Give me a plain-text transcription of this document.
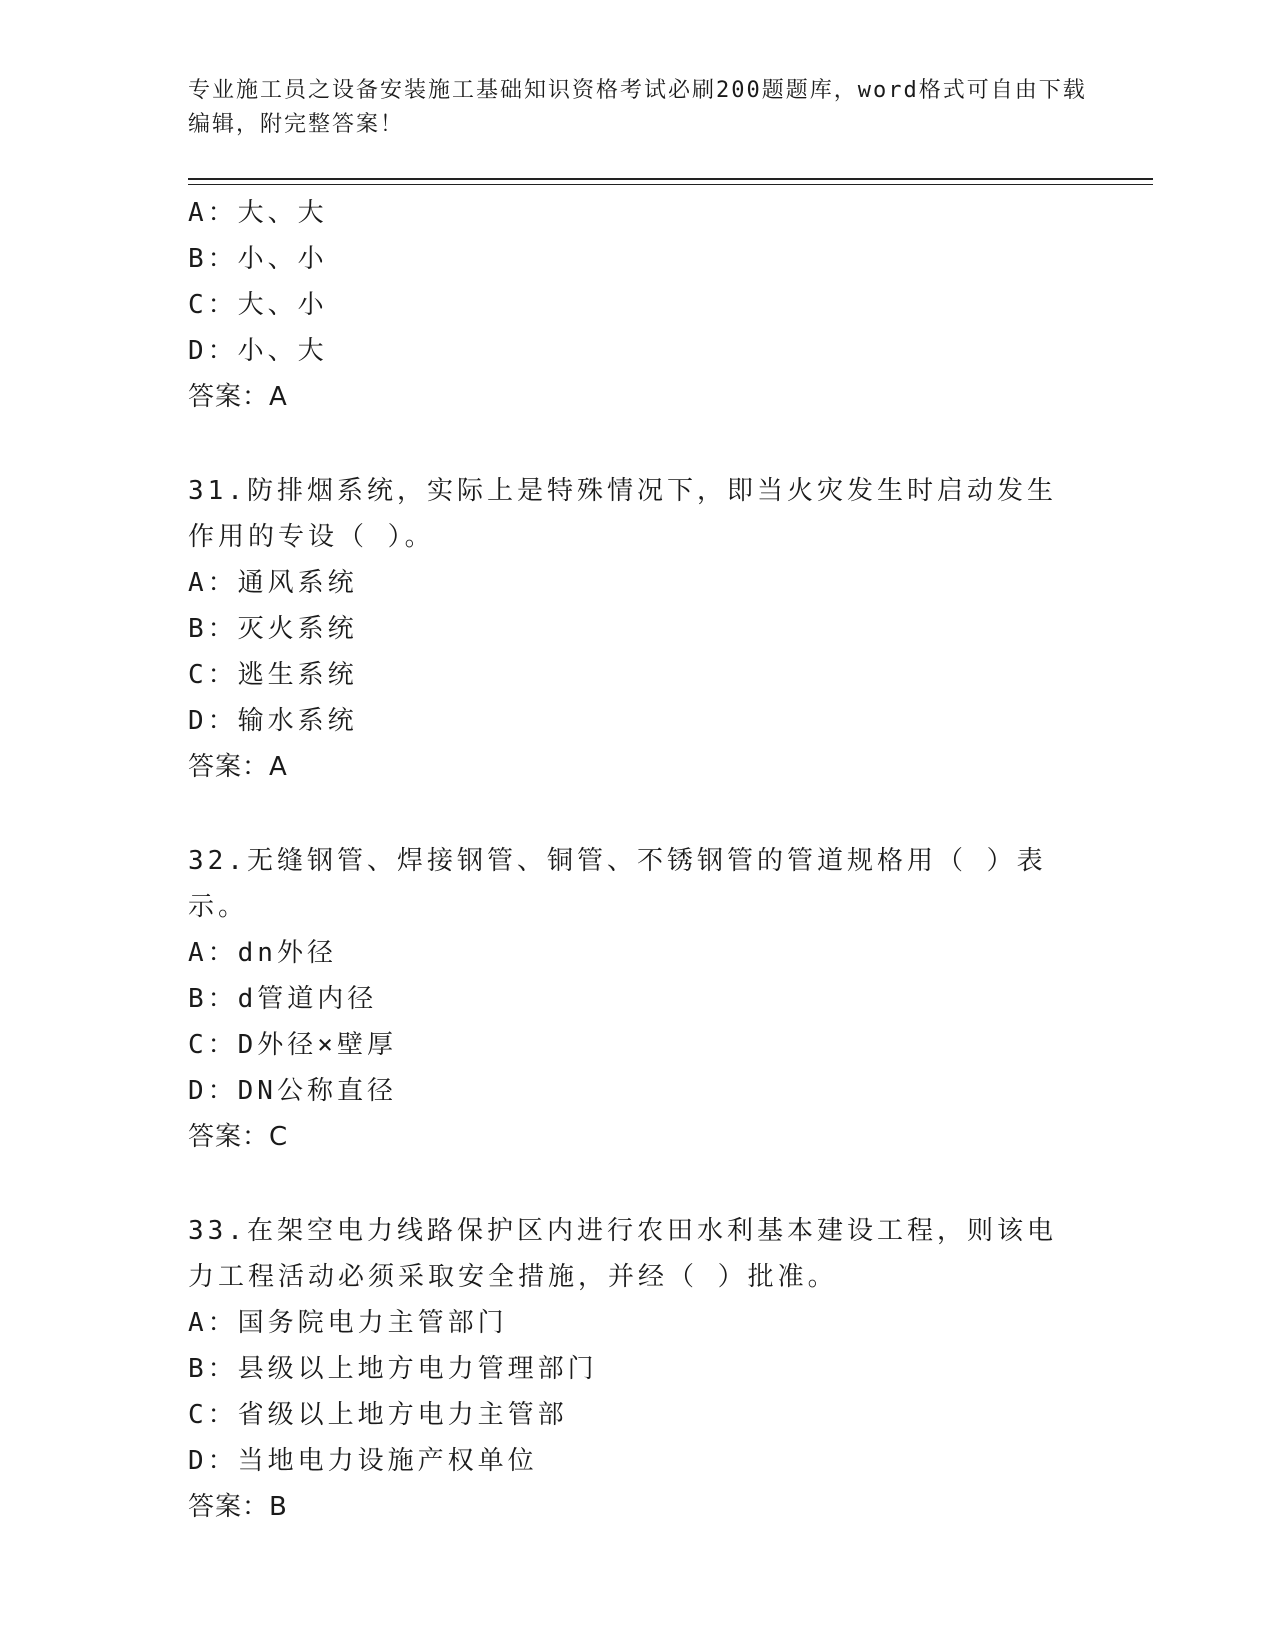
专业施工员之设备安装施工基础知识资格考试必刷200题题库，word格式可自由下载编辑，附完整答案！
A：大、大
B：小、小
C：大、小
D：小、大
答案：A
31.防排烟系统，实际上是特殊情况下，即当火灾发生时启动发生作用的专设（ ）。
A：通风系统
B：灭火系统
C：逃生系统
D：输水系统
答案：A
32.无缝钢管、焊接钢管、铜管、不锈钢管的管道规格用（ ）表示。
A：dn外径
B：d管道内径
C：D外径×壁厚
D：DN公称直径
答案：C
33.在架空电力线路保护区内进行农田水利基本建设工程，则该电力工程活动必须采取安全措施，并经（ ）批准。
A：国务院电力主管部门
B：县级以上地方电力管理部门
C：省级以上地方电力主管部
D：当地电力设施产权单位
答案：B
